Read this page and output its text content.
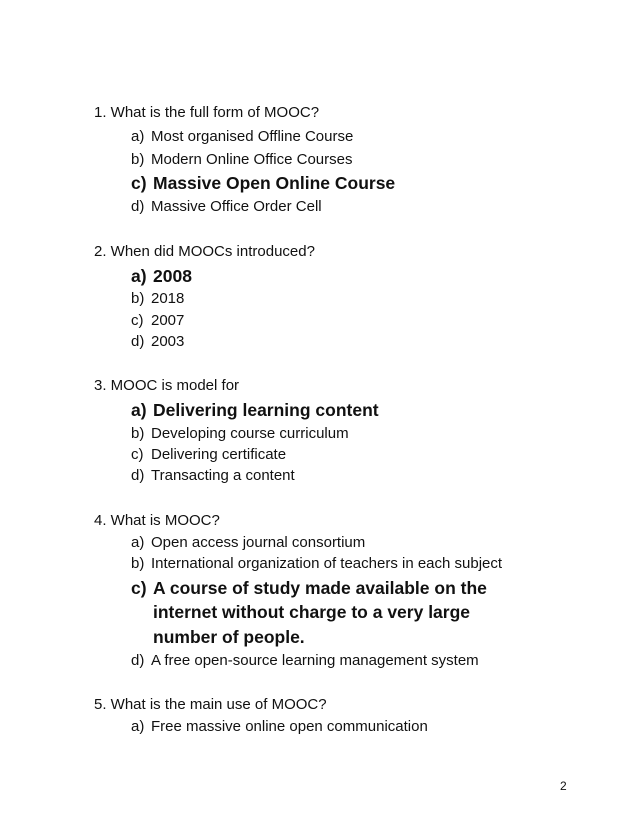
1. What is the full form of MOOC?
a) Most organised Offline Course
b) Modern Online Office Courses
c) Massive Open Online Course
d) Massive Office Order Cell
2. When did MOOCs introduced?
a) 2008
b) 2018
c) 2007
d) 2003
3. MOOC is model for
a) Delivering learning content
b) Developing course curriculum
c) Delivering certificate
d) Transacting a content
4. What is MOOC?
a) Open access journal consortium
b) International organization of teachers in each subject
c) A course of study made available on the
internet without charge to a very large
number of people.
d) A free open-source learning management system
5. What is the main use of MOOC?
a) Free massive online open communication
2
